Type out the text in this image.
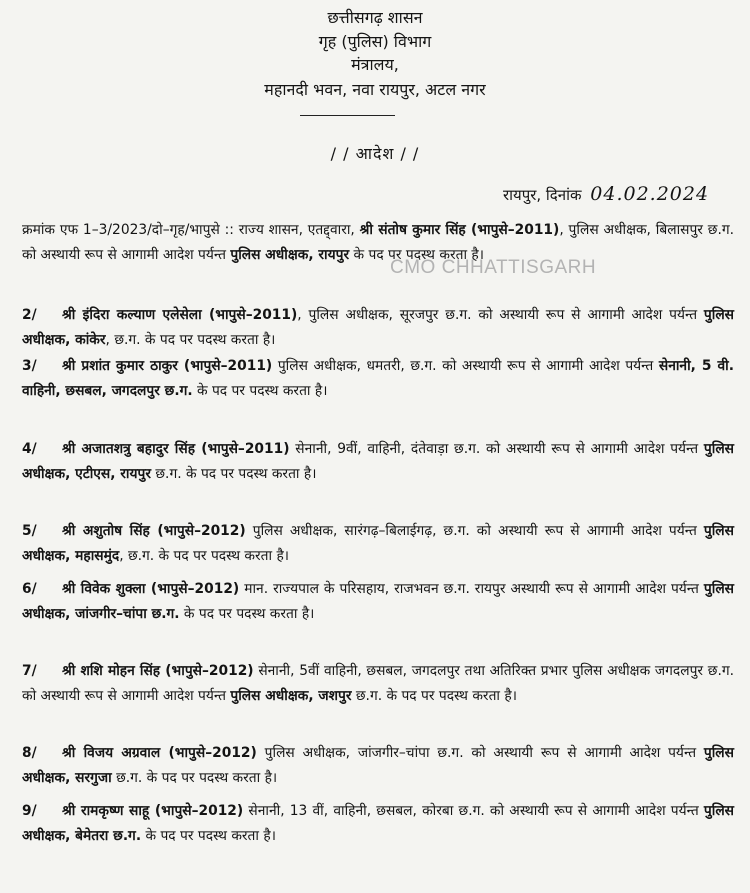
छत्तीसगढ़ शासन
गृह (पुलिस) विभाग
मंत्रालय,
महानदी भवन, नवा रायपुर, अटल नगर
/ / आदेश / /
रायपुर, दिनांक 04.02.2024
CMO CHHATTISGARH
क्रमांक एफ 1–3/2023/दो–गृह/भापुसे :: राज्य शासन, एतद्द्वारा, श्री संतोष कुमार सिंह (भापुसे–2011), पुलिस अधीक्षक, बिलासपुर छ.ग. को अस्थायी रूप से आगामी आदेश पर्यन्त पुलिस अधीक्षक, रायपुर के पद पर पदस्थ करता है।
2/ श्री इंदिरा कल्याण एलेसेला (भापुसे–2011), पुलिस अधीक्षक, सूरजपुर छ.ग. को अस्थायी रूप से आगामी आदेश पर्यन्त पुलिस अधीक्षक, कांकेर, छ.ग. के पद पर पदस्थ करता है।
3/ श्री प्रशांत कुमार ठाकुर (भापुसे–2011) पुलिस अधीक्षक, धमतरी, छ.ग. को अस्थायी रूप से आगामी आदेश पर्यन्त सेनानी, 5 वी. वाहिनी, छसबल, जगदलपुर छ.ग. के पद पर पदस्थ करता है।
4/ श्री अजातशत्रु बहादुर सिंह (भापुसे–2011) सेनानी, 9वीं, वाहिनी, दंतेवाड़ा छ.ग. को अस्थायी रूप से आगामी आदेश पर्यन्त पुलिस अधीक्षक, एटीएस, रायपुर छ.ग. के पद पर पदस्थ करता है।
5/ श्री अशुतोष सिंह (भापुसे–2012) पुलिस अधीक्षक, सारंगढ़–बिलाईगढ़, छ.ग. को अस्थायी रूप से आगामी आदेश पर्यन्त पुलिस अधीक्षक, महासमुंद, छ.ग. के पद पर पदस्थ करता है।
6/ श्री विवेक शुक्ला (भापुसे–2012) मान. राज्यपाल के परिसहाय, राजभवन छ.ग. रायपुर अस्थायी रूप से आगामी आदेश पर्यन्त पुलिस अधीक्षक, जांजगीर–चांपा छ.ग. के पद पर पदस्थ करता है।
7/ श्री शशि मोहन सिंह (भापुसे–2012) सेनानी, 5वीं वाहिनी, छसबल, जगदलपुर तथा अतिरिक्त प्रभार पुलिस अधीक्षक जगदलपुर छ.ग. को अस्थायी रूप से आगामी आदेश पर्यन्त पुलिस अधीक्षक, जशपुर छ.ग. के पद पर पदस्थ करता है।
8/ श्री विजय अग्रवाल (भापुसे–2012) पुलिस अधीक्षक, जांजगीर–चांपा छ.ग. को अस्थायी रूप से आगामी आदेश पर्यन्त पुलिस अधीक्षक, सरगुजा छ.ग. के पद पर पदस्थ करता है।
9/ श्री रामकृष्ण साहू (भापुसे–2012) सेनानी, 13 वीं, वाहिनी, छसबल, कोरबा छ.ग. को अस्थायी रूप से आगामी आदेश पर्यन्त पुलिस अधीक्षक, बेमेतरा छ.ग. के पद पर पदस्थ करता है।
